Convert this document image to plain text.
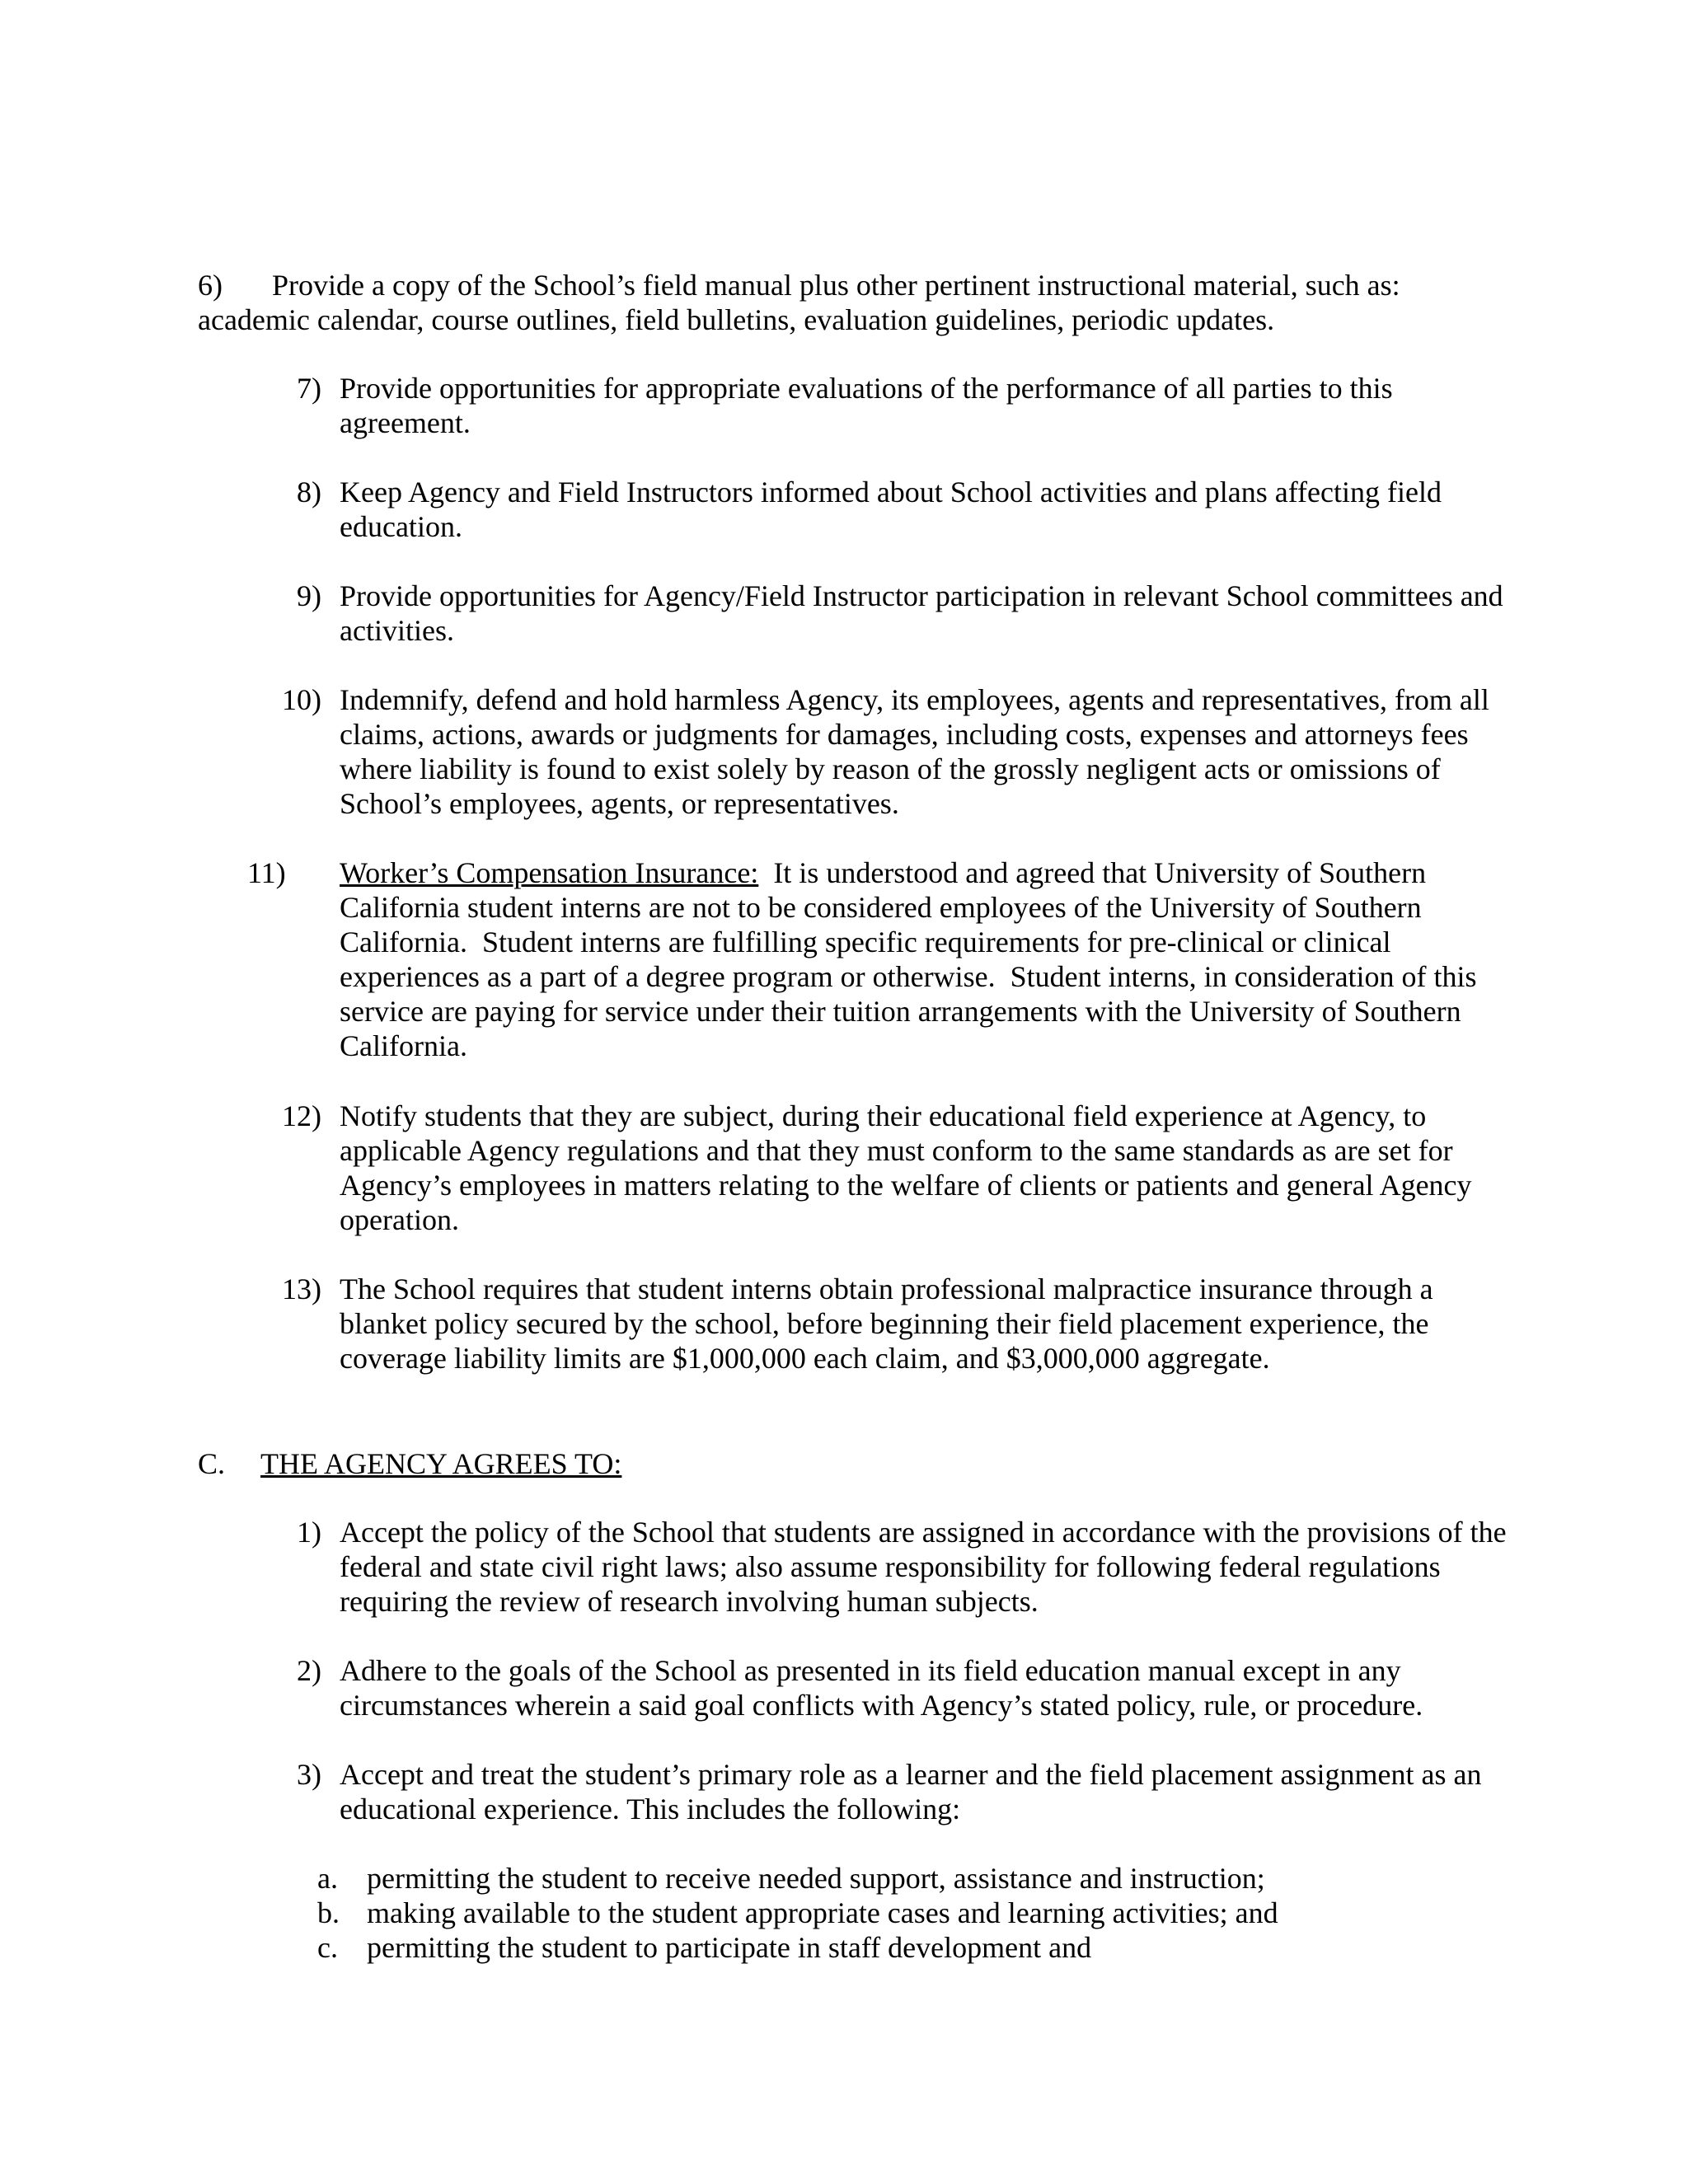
6) Provide a copy of the School’s field manual plus other pertinent instructional material, such as:
academic calendar, course outlines, field bulletins, evaluation guidelines, periodic updates.
7) Provide opportunities for appropriate evaluations of the performance of all parties to this agreement.
8) Keep Agency and Field Instructors informed about School activities and plans affecting field education.
9) Provide opportunities for Agency/Field Instructor participation in relevant School committees and activities.
10) Indemnify, defend and hold harmless Agency, its employees, agents and representatives, from all claims, actions, awards or judgments for damages, including costs, expenses and attorneys fees where liability is found to exist solely by reason of the grossly negligent acts or omissions of School’s employees, agents, or representatives.
11)	Worker’s Compensation Insurance:  It is understood and agreed that University of Southern California student interns are not to be considered employees of the University of Southern California.  Student interns are fulfilling specific requirements for pre-clinical or clinical experiences as a part of a degree program or otherwise.  Student interns, in consideration of this service are paying for service under their tuition arrangements with the University of Southern California.
12) Notify students that they are subject, during their educational field experience at Agency, to applicable Agency regulations and that they must conform to the same standards as are set for Agency’s employees in matters relating to the welfare of clients or patients and general Agency operation.
13) The School requires that student interns obtain professional malpractice insurance through a blanket policy secured by the school, before beginning their field placement experience, the coverage liability limits are $1,000,000 each claim, and $3,000,000 aggregate.
C.	THE AGENCY AGREES TO:
1) Accept the policy of the School that students are assigned in accordance with the provisions of the federal and state civil right laws; also assume responsibility for following federal regulations requiring the review of research involving human subjects.
2) Adhere to the goals of the School as presented in its field education manual except in any circumstances wherein a said goal conflicts with Agency’s stated policy, rule, or procedure.
3) Accept and treat the student’s primary role as a learner and the field placement assignment as an educational experience. This includes the following:
a. permitting the student to receive needed support, assistance and instruction;
b. making available to the student appropriate cases and learning activities; and
c. permitting the student to participate in staff development and
